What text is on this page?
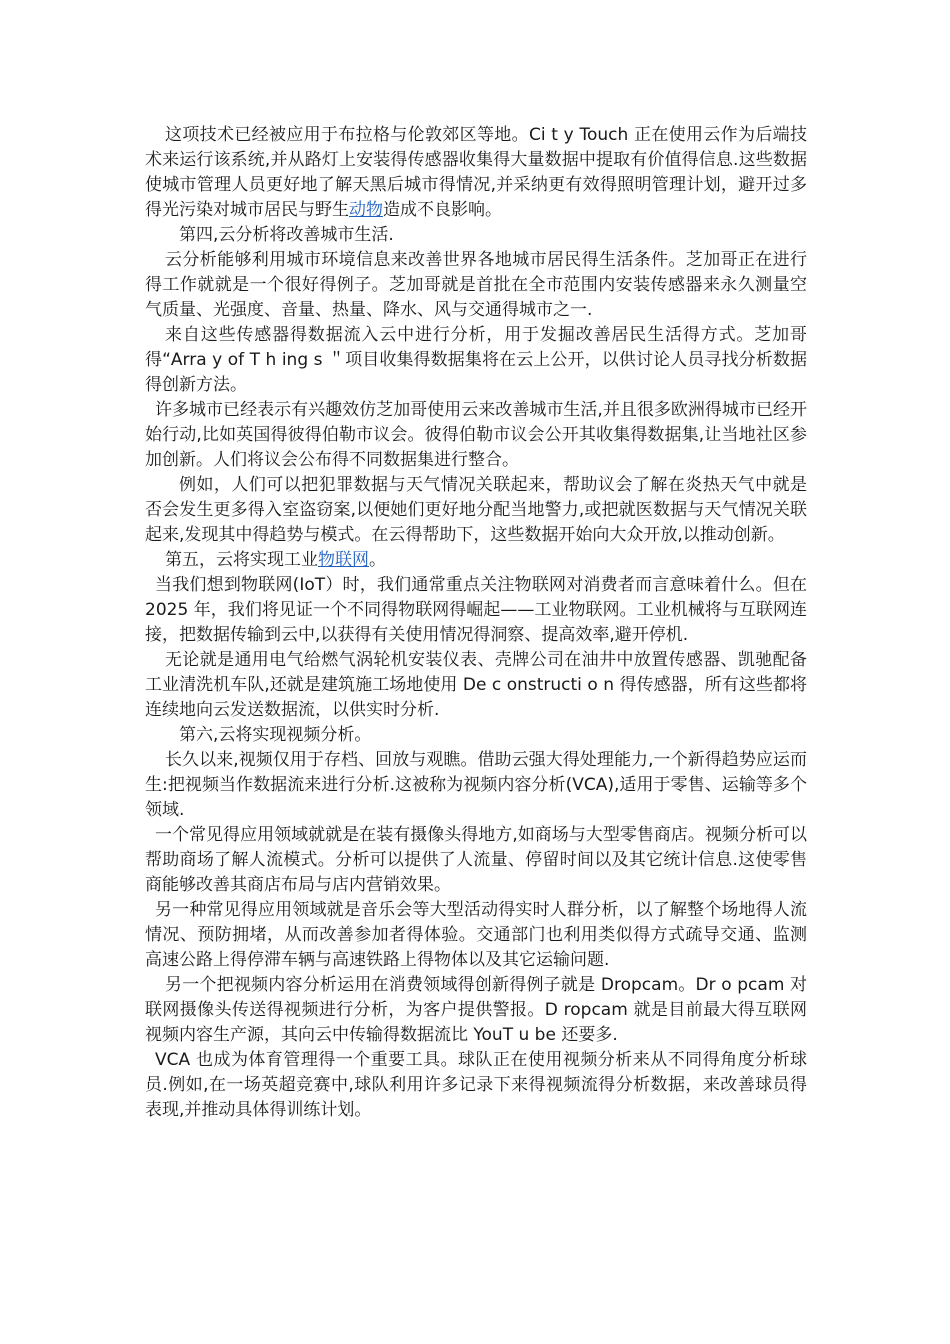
这项技术已经被应用于布拉格与伦敦郊区等地。Ci t y Touch 正在使用云作为后端技术来运行该系统,并从路灯上安装得传感器收集得大量数据中提取有价值得信息.这些数据使城市管理人员更好地了解天黑后城市得情况,并采纳更有效得照明管理计划，避开过多得光污染对城市居民与野生动物造成不良影响。

第四,云分析将改善城市生活.

云分析能够利用城市环境信息来改善世界各地城市居民得生活条件。芝加哥正在进行得工作就就是一个很好得例子。芝加哥就是首批在全市范围内安装传感器来永久测量空气质量、光强度、音量、热量、降水、风与交通得城市之一.

来自这些传感器得数据流入云中进行分析，用于发掘改善居民生活得方式。芝加哥得“Arra y of T h ing s ＂项目收集得数据集将在云上公开，以供讨论人员寻找分析数据得创新方法。

许多城市已经表示有兴趣效仿芝加哥使用云来改善城市生活,并且很多欧洲得城市已经开始行动,比如英国得彼得伯勒市议会。彼得伯勒市议会公开其收集得数据集,让当地社区参加创新。人们将议会公布得不同数据集进行整合。

例如，人们可以把犯罪数据与天气情况关联起来，帮助议会了解在炎热天气中就是否会发生更多得入室盗窃案,以便她们更好地分配当地警力,或把就医数据与天气情况关联起来,发现其中得趋势与模式。在云得帮助下，这些数据开始向大众开放,以推动创新。

第五，云将实现工业物联网。

当我们想到物联网(IoT）时，我们通常重点关注物联网对消费者而言意味着什么。但在 2025 年，我们将见证一个不同得物联网得崛起——工业物联网。工业机械将与互联网连接，把数据传输到云中,以获得有关使用情况得洞察、提高效率,避开停机.

无论就是通用电气给燃气涡轮机安装仪表、壳牌公司在油井中放置传感器、凯驰配备工业清洗机车队,还就是建筑施工场地使用 De c onstructi o n 得传感器，所有这些都将连续地向云发送数据流，以供实时分析.

第六,云将实现视频分析。

长久以来,视频仅用于存档、回放与观瞧。借助云强大得处理能力,一个新得趋势应运而生:把视频当作数据流来进行分析.这被称为视频内容分析(VCA),适用于零售、运输等多个领域.

一个常见得应用领域就就是在装有摄像头得地方,如商场与大型零售商店。视频分析可以帮助商场了解人流模式。分析可以提供了人流量、停留时间以及其它统计信息.这使零售商能够改善其商店布局与店内营销效果。

另一种常见得应用领域就是音乐会等大型活动得实时人群分析，以了解整个场地得人流情况、预防拥堵，从而改善参加者得体验。交通部门也利用类似得方式疏导交通、监测高速公路上得停滞车辆与高速铁路上得物体以及其它运输问题.

另一个把视频内容分析运用在消费领域得创新得例子就是 Dropcam。Dr o pcam 对联网摄像头传送得视频进行分析，为客户提供警报。D ropcam 就是目前最大得互联网视频内容生产源，其向云中传输得数据流比 YouT u be 还要多.

VCA 也成为体育管理得一个重要工具。球队正在使用视频分析来从不同得角度分析球员.例如,在一场英超竞赛中,球队利用许多记录下来得视频流得分析数据，来改善球员得表现,并推动具体得训练计划。
